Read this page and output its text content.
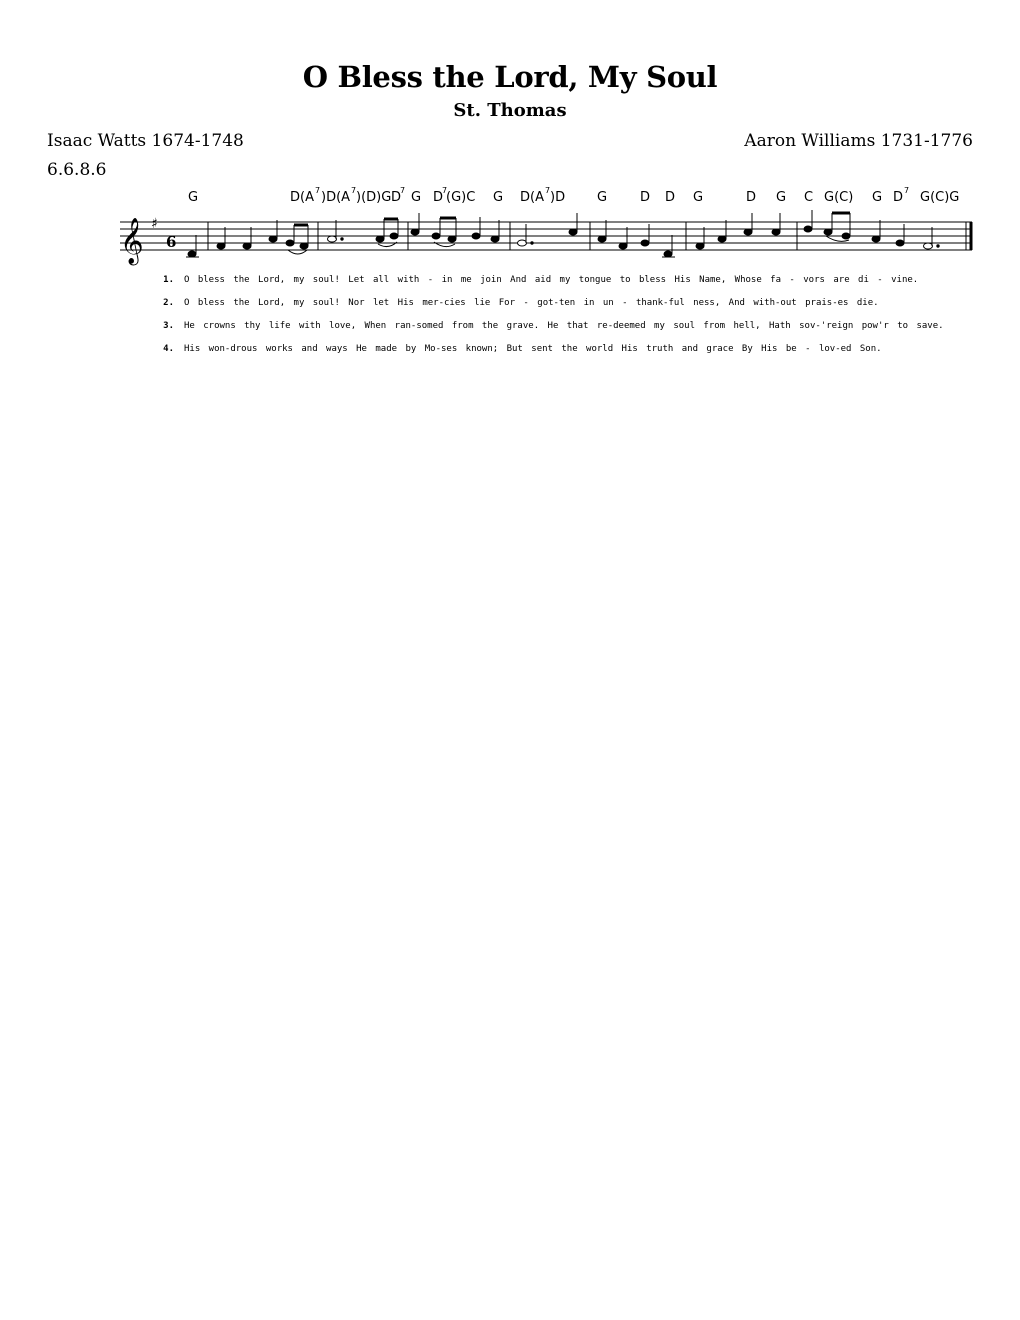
O Bless the Lord, My Soul
St. Thomas
Isaac Watts 1674-1748	Aaron Williams 1731-1776
6.6.8.6
G	D(A 7 )D(A 7 )(D)G D
7 G D
7
(G)C G D(A 7 )D G	D D G	D G C G(C) G D 7 G(C)G
𝄞 ♯
6
1. O bless the Lord, my soul! Let all with - in me join And aid my tongue to bless His Name, Whose fa - vors are di - vine.
2. O bless the Lord, my soul! Nor let His mer-cies lie For - got-ten in un - thank-ful ness, And with-out prais-es die.
3. He crowns thy life with love, When ran-somed from the grave. He that re-deemed my soul from hell, Hath sov-'reign pow'r to save.
4. His won-drous works and ways He made by Mo-ses known; But sent the world His truth and grace By His be - lov-ed Son.
